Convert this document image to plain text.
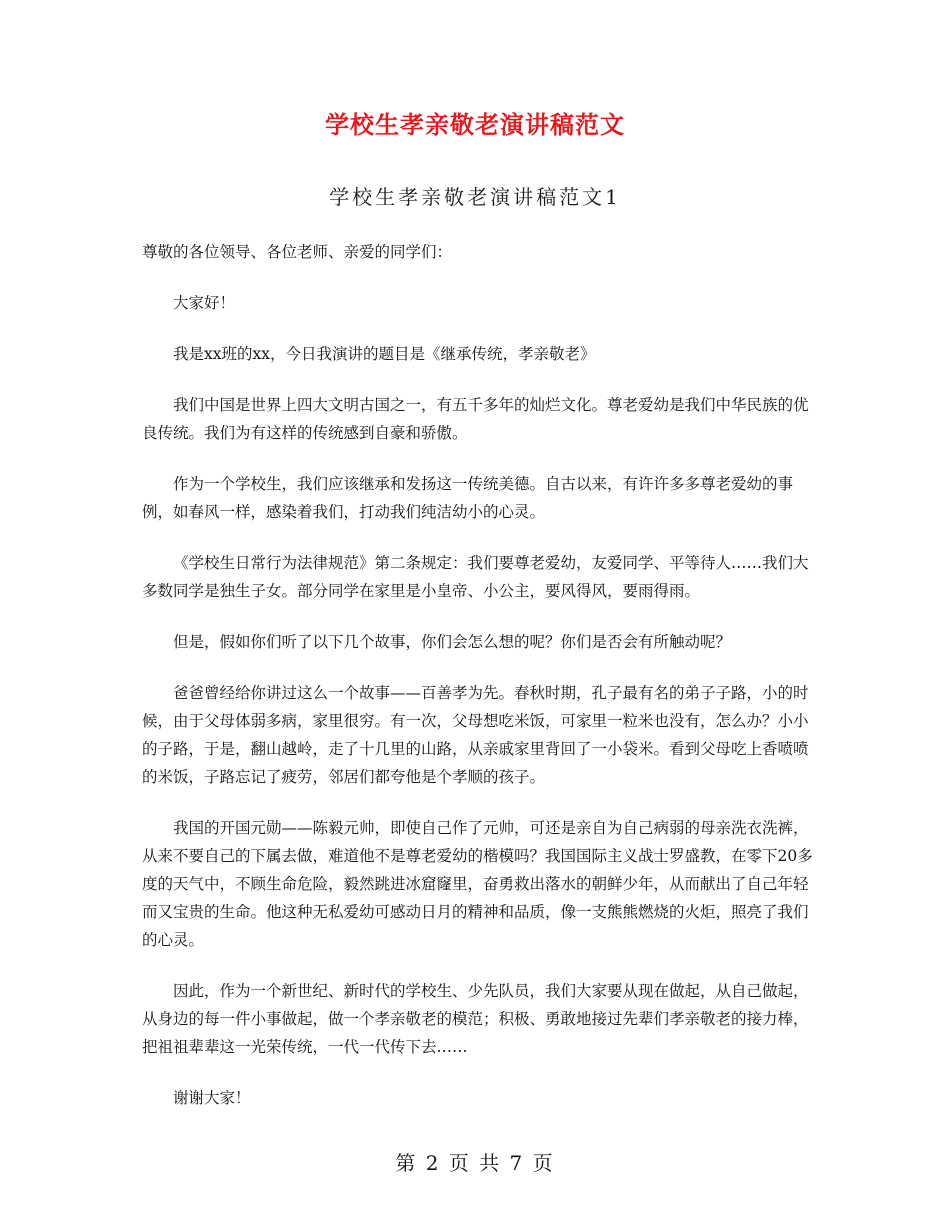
学校生孝亲敬老演讲稿范文
学校生孝亲敬老演讲稿范文1

尊敬的各位领导、各位老师、亲爱的同学们：

大家好！

我是xx班的xx，今日我演讲的题目是《继承传统，孝亲敬老》

我们中国是世界上四大文明古国之一，有五千多年的灿烂文化。尊老爱幼是我们中华民族的优良传统。我们为有这样的传统感到自豪和骄傲。

作为一个学校生，我们应该继承和发扬这一传统美德。自古以来，有许许多多尊老爱幼的事例，如春风一样，感染着我们，打动我们纯洁幼小的心灵。

《学校生日常行为法律规范》第二条规定：我们要尊老爱幼，友爱同学、平等待人……我们大多数同学是独生子女。部分同学在家里是小皇帝、小公主，要风得风，要雨得雨。

但是，假如你们听了以下几个故事，你们会怎么想的呢？你们是否会有所触动呢？

爸爸曾经给你讲过这么一个故事——百善孝为先。春秋时期，孔子最有名的弟子子路，小的时候，由于父母体弱多病，家里很穷。有一次，父母想吃米饭，可家里一粒米也没有，怎么办？小小的子路，于是，翻山越岭，走了十几里的山路，从亲戚家里背回了一小袋米。看到父母吃上香喷喷的米饭，子路忘记了疲劳，邻居们都夸他是个孝顺的孩子。

我国的开国元勋——陈毅元帅，即使自己作了元帅，可还是亲自为自己病弱的母亲洗衣洗裤，从来不要自己的下属去做，难道他不是尊老爱幼的楷模吗？我国国际主义战士罗盛教，在零下20多度的天气中，不顾生命危险，毅然跳进冰窟窿里，奋勇救出落水的朝鲜少年，从而献出了自己年轻而又宝贵的生命。他这种无私爱幼可感动日月的精神和品质，像一支熊熊燃烧的火炬，照亮了我们的心灵。

因此，作为一个新世纪、新时代的学校生、少先队员，我们大家要从现在做起，从自己做起，从身边的每一件小事做起，做一个孝亲敬老的模范；积极、勇敢地接过先辈们孝亲敬老的接力棒，把祖祖辈辈这一光荣传统，一代一代传下去……

谢谢大家！

第 2 页 共 7 页
